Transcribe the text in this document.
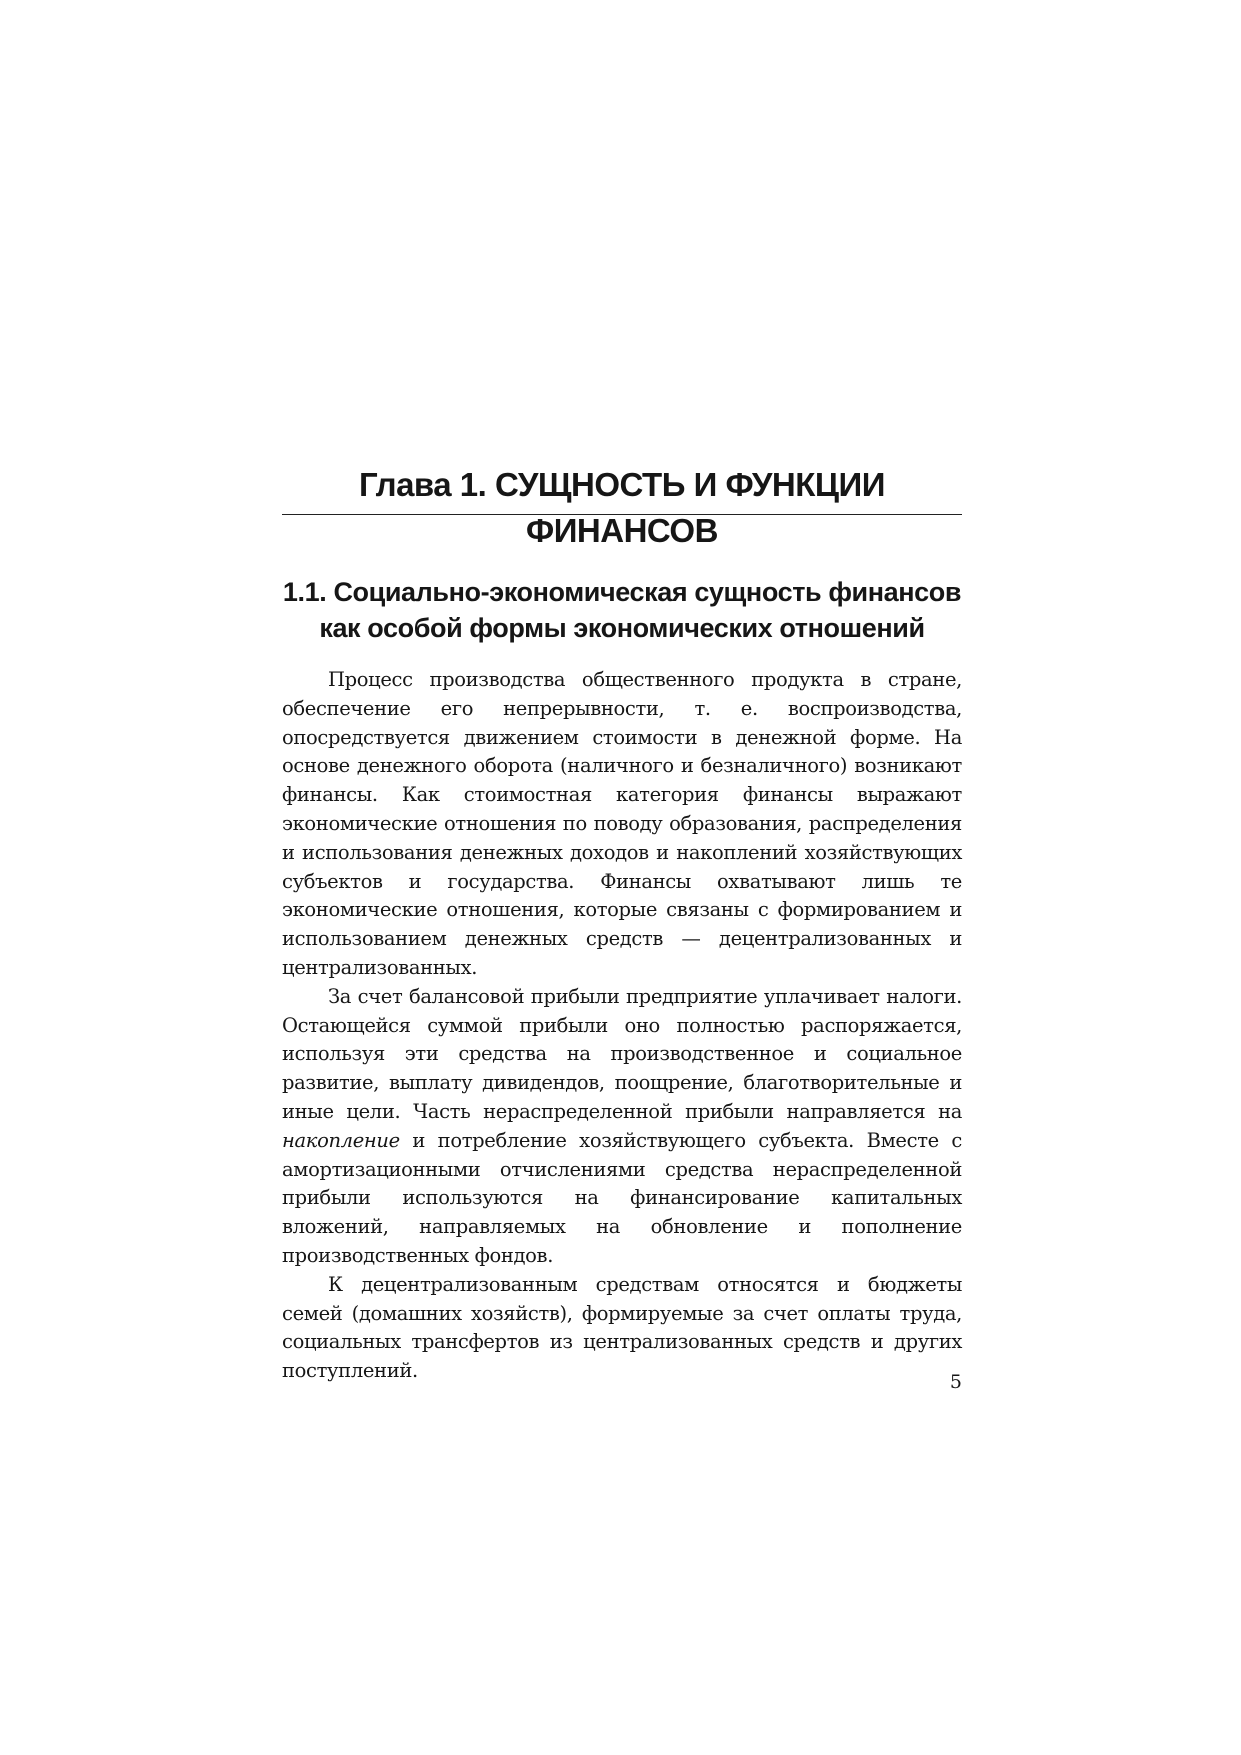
Глава 1. СУЩНОСТЬ И ФУНКЦИИ ФИНАНСОВ
1.1. Социально-экономическая сущность финансов
как особой формы экономических отношений

Процесс производства общественного продукта в стране, обеспечение его непрерывности, т. е. воспроизводства, опосредствуется движением стоимости в денежной форме. На основе денежного оборота (наличного и безналичного) возникают финансы. Как стоимостная категория финансы выражают экономические отношения по поводу образования, распределения и использования денежных доходов и накоплений хозяйствующих субъектов и государства. Финансы охватывают лишь те экономические отношения, которые связаны с формированием и использованием денежных средств — децентрализованных и централизованных.

За счет балансовой прибыли предприятие уплачивает налоги. Остающейся суммой прибыли оно полностью распоряжается, используя эти средства на производственное и социальное развитие, выплату дивидендов, поощрение, благотворительные и иные цели. Часть нераспределенной прибыли направляется на накопление и потребление хозяйствующего субъекта. Вместе с амортизационными отчислениями средства нераспределенной прибыли используются на финансирование капитальных вложений, направляемых на обновление и пополнение производственных фондов.

К децентрализованным средствам относятся и бюджеты семей (домашних хозяйств), формируемые за счет оплаты труда, социальных трансфертов из централизованных средств и других поступлений.	5
